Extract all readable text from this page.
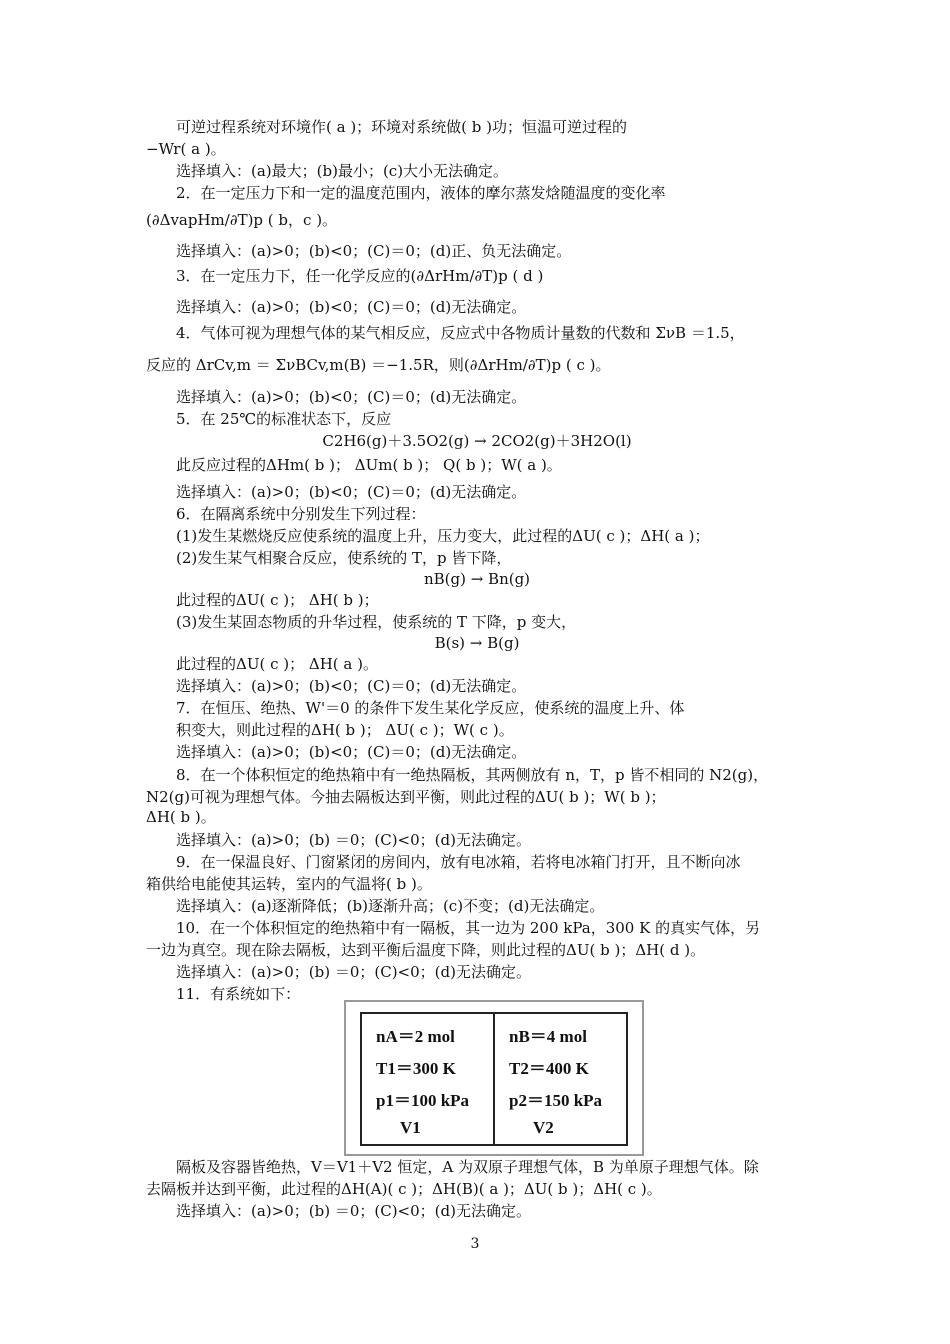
可逆过程系统对环境作( a )；环境对系统做( b )功；恒温可逆过程的
−Wr( a )。
选择填入：(a)最大；(b)最小；(c)大小无法确定。
2．在一定压力下和一定的温度范围内，液体的摩尔蒸发焓随温度的变化率
(∂ΔvapHm/∂T)p ( b，c )。
选择填入：(a)>0；(b)<0；(C)＝0；(d)正、负无法确定。
3．在一定压力下，任一化学反应的(∂ΔrHm/∂T)p ( d )
选择填入：(a)>0；(b)<0；(C)＝0；(d)无法确定。
4．气体可视为理想气体的某气相反应，反应式中各物质计量数的代数和 ΣνB ＝1.5，
反应的 ΔrCv,m ＝ ΣνBCv,m(B) ＝−1.5R，则(∂ΔrHm/∂T)p ( c )。
选择填入：(a)>0；(b)<0；(C)＝0；(d)无法确定。
5．在 25℃的标准状态下，反应
C2H6(g)＋3.5O2(g) → 2CO2(g)＋3H2O(l)
此反应过程的ΔHm( b )； ΔUm( b )； Q( b )；W( a )。
选择填入：(a)>0；(b)<0；(C)＝0；(d)无法确定。
6．在隔离系统中分别发生下列过程：
(1)发生某燃烧反应使系统的温度上升，压力变大，此过程的ΔU( c )；ΔH( a )；
(2)发生某气相聚合反应，使系统的 T，p 皆下降，
nB(g) → Bn(g)
此过程的ΔU( c )； ΔH( b )；
(3)发生某固态物质的升华过程，使系统的 T 下降，p 变大，
B(s) → B(g)
此过程的ΔU( c )； ΔH( a )。
选择填入：(a)>0；(b)<0；(C)＝0；(d)无法确定。
7．在恒压、绝热、W'＝0 的条件下发生某化学反应，使系统的温度上升、体
积变大，则此过程的ΔH( b )； ΔU( c )；W( c )。
选择填入：(a)>0；(b)<0；(C)＝0；(d)无法确定。
8．在一个体积恒定的绝热箱中有一绝热隔板，其两侧放有 n，T，p 皆不相同的 N2(g)，
N2(g)可视为理想气体。今抽去隔板达到平衡，则此过程的ΔU( b )；W( b )；
ΔH( b )。
选择填入：(a)>0；(b) ＝0；(C)<0；(d)无法确定。
9．在一保温良好、门窗紧闭的房间内，放有电冰箱，若将电冰箱门打开，且不断向冰
箱供给电能使其运转，室内的气温将( b )。
选择填入：(a)逐渐降低；(b)逐渐升高；(c)不变；(d)无法确定。
10．在一个体积恒定的绝热箱中有一隔板，其一边为 200 kPa，300 K 的真实气体，另
一边为真空。现在除去隔板，达到平衡后温度下降，则此过程的ΔU( b )；ΔH( d )。
选择填入：(a)>0；(b) ＝0；(C)<0；(d)无法确定。
11．有系统如下：
隔板及容器皆绝热，V＝V1＋V2 恒定，A 为双原子理想气体，B 为单原子理想气体。除
去隔板并达到平衡，此过程的ΔH(A)( c )；ΔH(B)( a )；ΔU( b )；ΔH( c )。
选择填入：(a)>0；(b) ＝0；(C)<0；(d)无法确定。
nA＝2 mol
T1＝300 K
p1＝100 kPa
V1
nB＝4 mol
T2＝400 K
p2＝150 kPa
V2
3
